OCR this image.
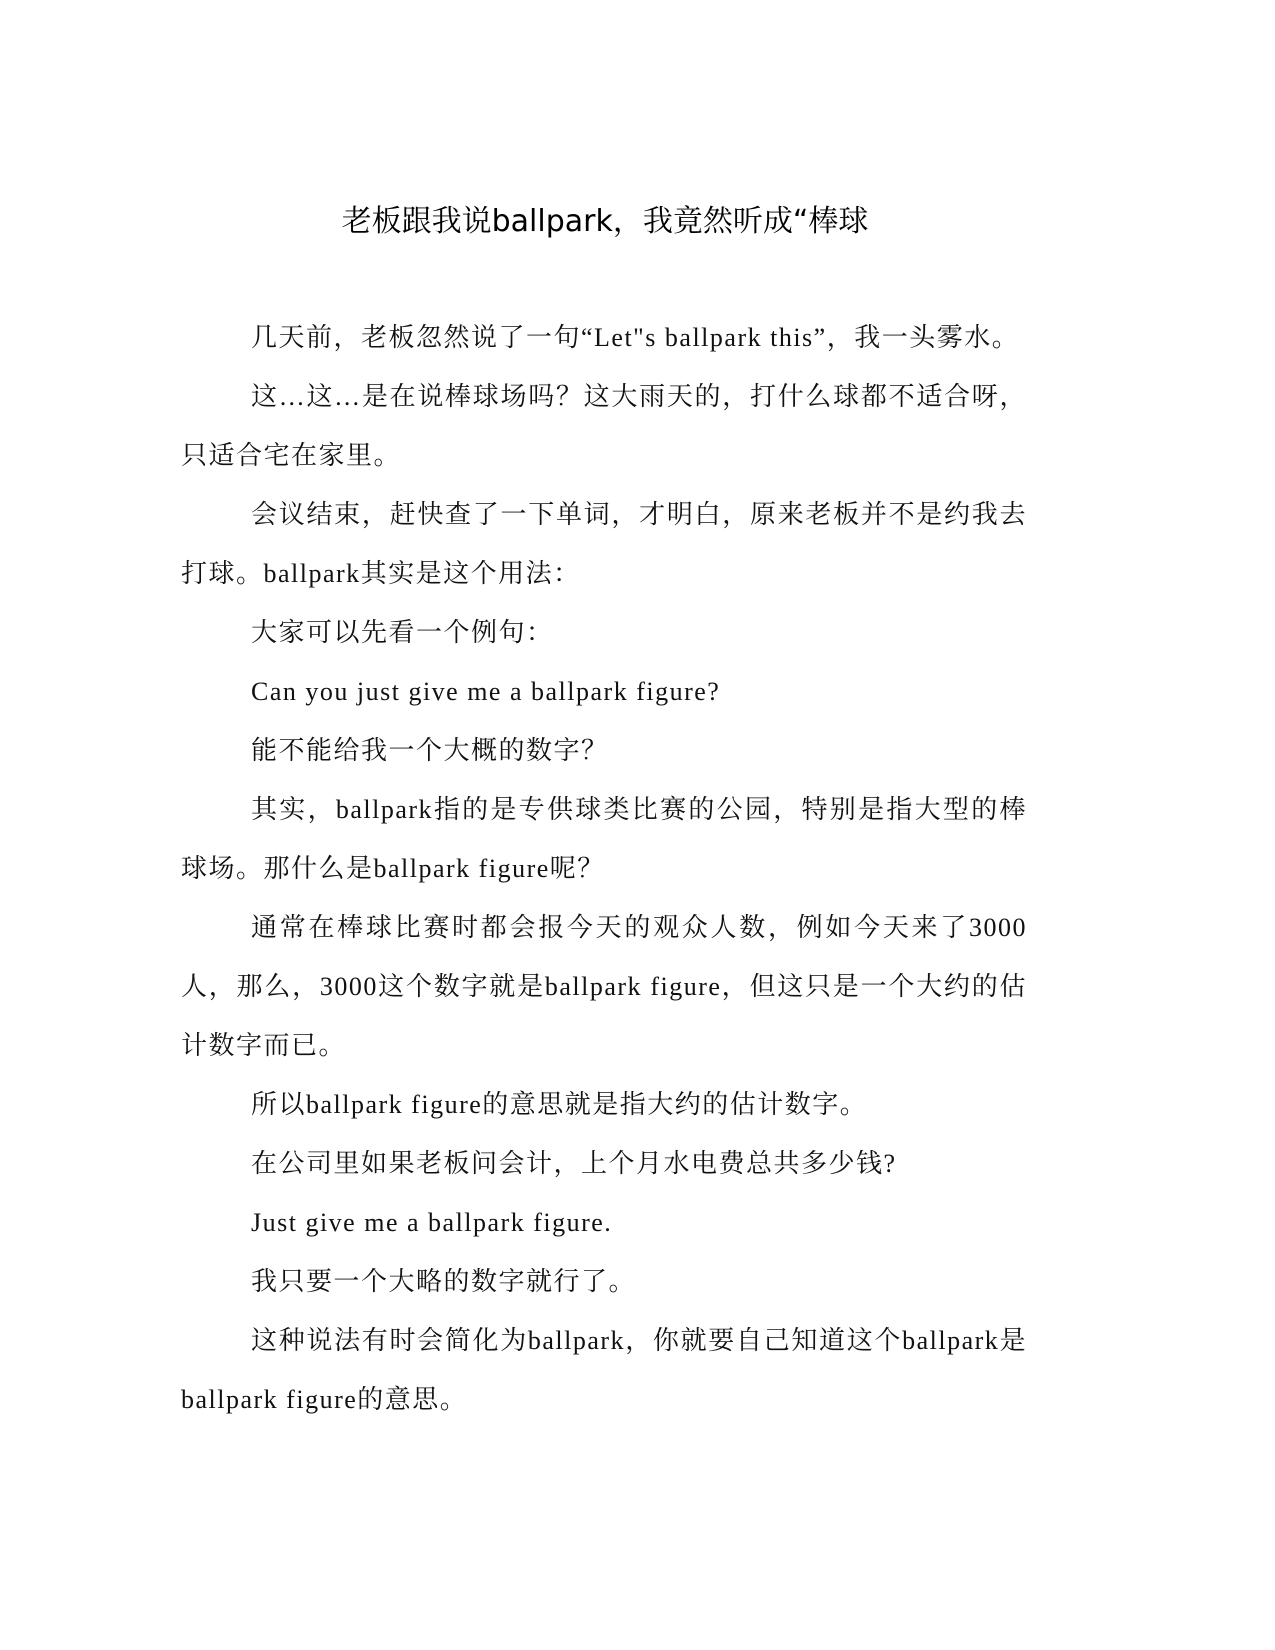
老板跟我说ballpark，我竟然听成“棒球

几天前，老板忽然说了一句“Let"s ballpark this”，我一头雾水。

这…这…是在说棒球场吗？这大雨天的，打什么球都不适合呀，只适合宅在家里。

会议结束，赶快查了一下单词，才明白，原来老板并不是约我去打球。ballpark其实是这个用法：

大家可以先看一个例句：

Can you just give me a ballpark figure?

能不能给我一个大概的数字？

其实，ballpark指的是专供球类比赛的公园，特别是指大型的棒球场。那什么是ballpark figure呢？

通常在棒球比赛时都会报今天的观众人数，例如今天来了3000人，那么，3000这个数字就是ballpark figure，但这只是一个大约的估计数字而已。

所以ballpark figure的意思就是指大约的估计数字。

在公司里如果老板问会计，上个月水电费总共多少钱?

Just give me a ballpark figure.

我只要一个大略的数字就行了。

这种说法有时会简化为ballpark，你就要自己知道这个ballpark是ballpark figure的意思。
